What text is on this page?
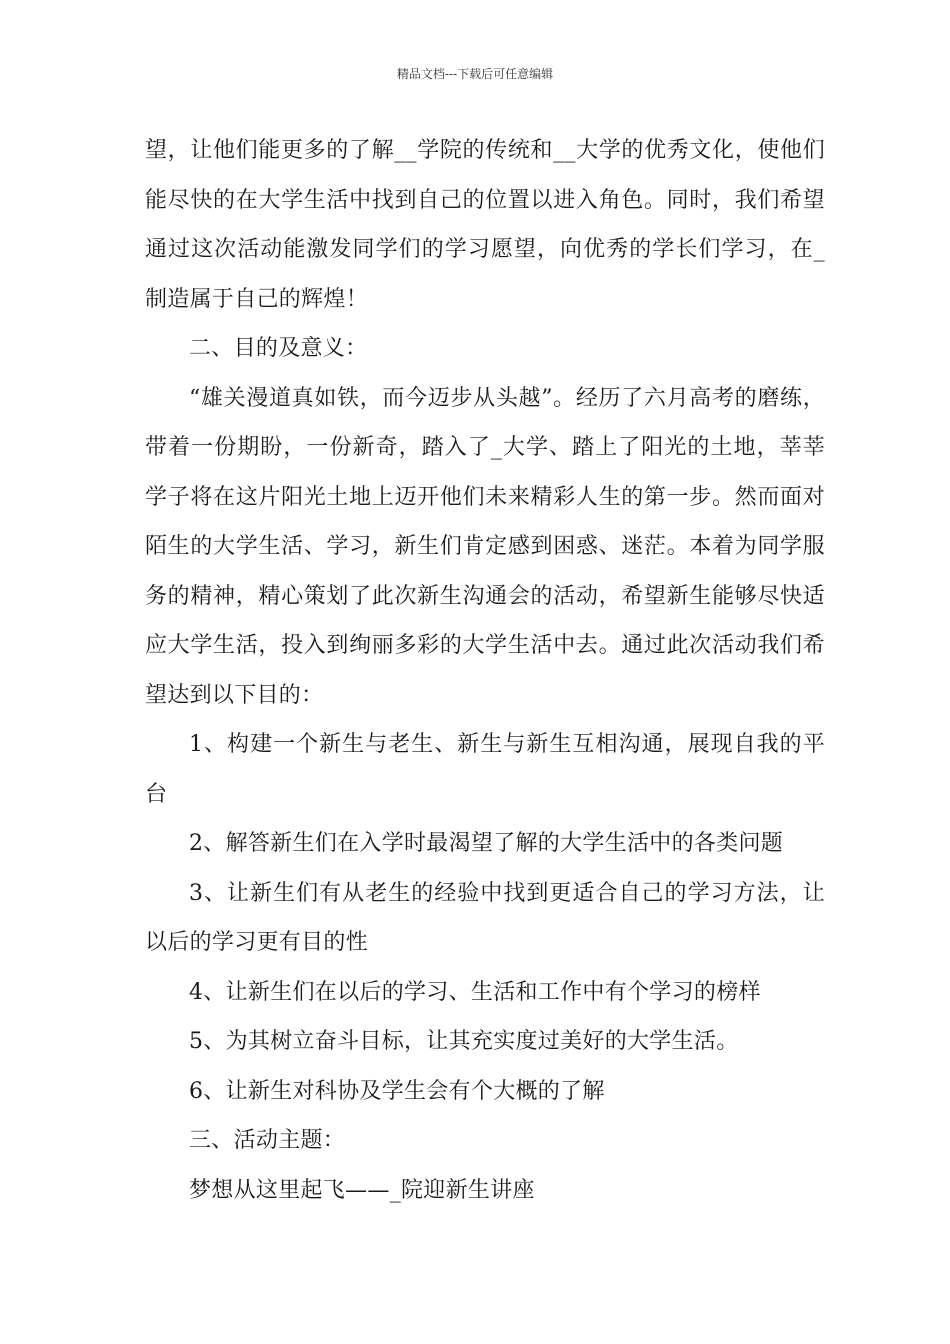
精品文档---下载后可任意编辑

望，让他们能更多的了解__学院的传统和__大学的优秀文化，使他们能尽快的在大学生活中找到自己的位置以进入角色。同时，我们希望通过这次活动能激发同学们的学习愿望，向优秀的学长们学习，在_制造属于自己的辉煌！

二、目的及意义：

“雄关漫道真如铁，而今迈步从头越”。经历了六月高考的磨练，带着一份期盼，一份新奇，踏入了_大学、踏上了阳光的土地，莘莘学子将在这片阳光土地上迈开他们未来精彩人生的第一步。然而面对陌生的大学生活、学习，新生们肯定感到困惑、迷茫。本着为同学服务的精神，精心策划了此次新生沟通会的活动，希望新生能够尽快适应大学生活，投入到绚丽多彩的大学生活中去。通过此次活动我们希望达到以下目的：

1、构建一个新生与老生、新生与新生互相沟通，展现自我的平台

2、解答新生们在入学时最渴望了解的大学生活中的各类问题

3、让新生们有从老生的经验中找到更适合自己的学习方法，让以后的学习更有目的性

4、让新生们在以后的学习、生活和工作中有个学习的榜样

5、为其树立奋斗目标，让其充实度过美好的大学生活。

6、让新生对科协及学生会有个大概的了解

三、活动主题：

梦想从这里起飞——_院迎新生讲座
